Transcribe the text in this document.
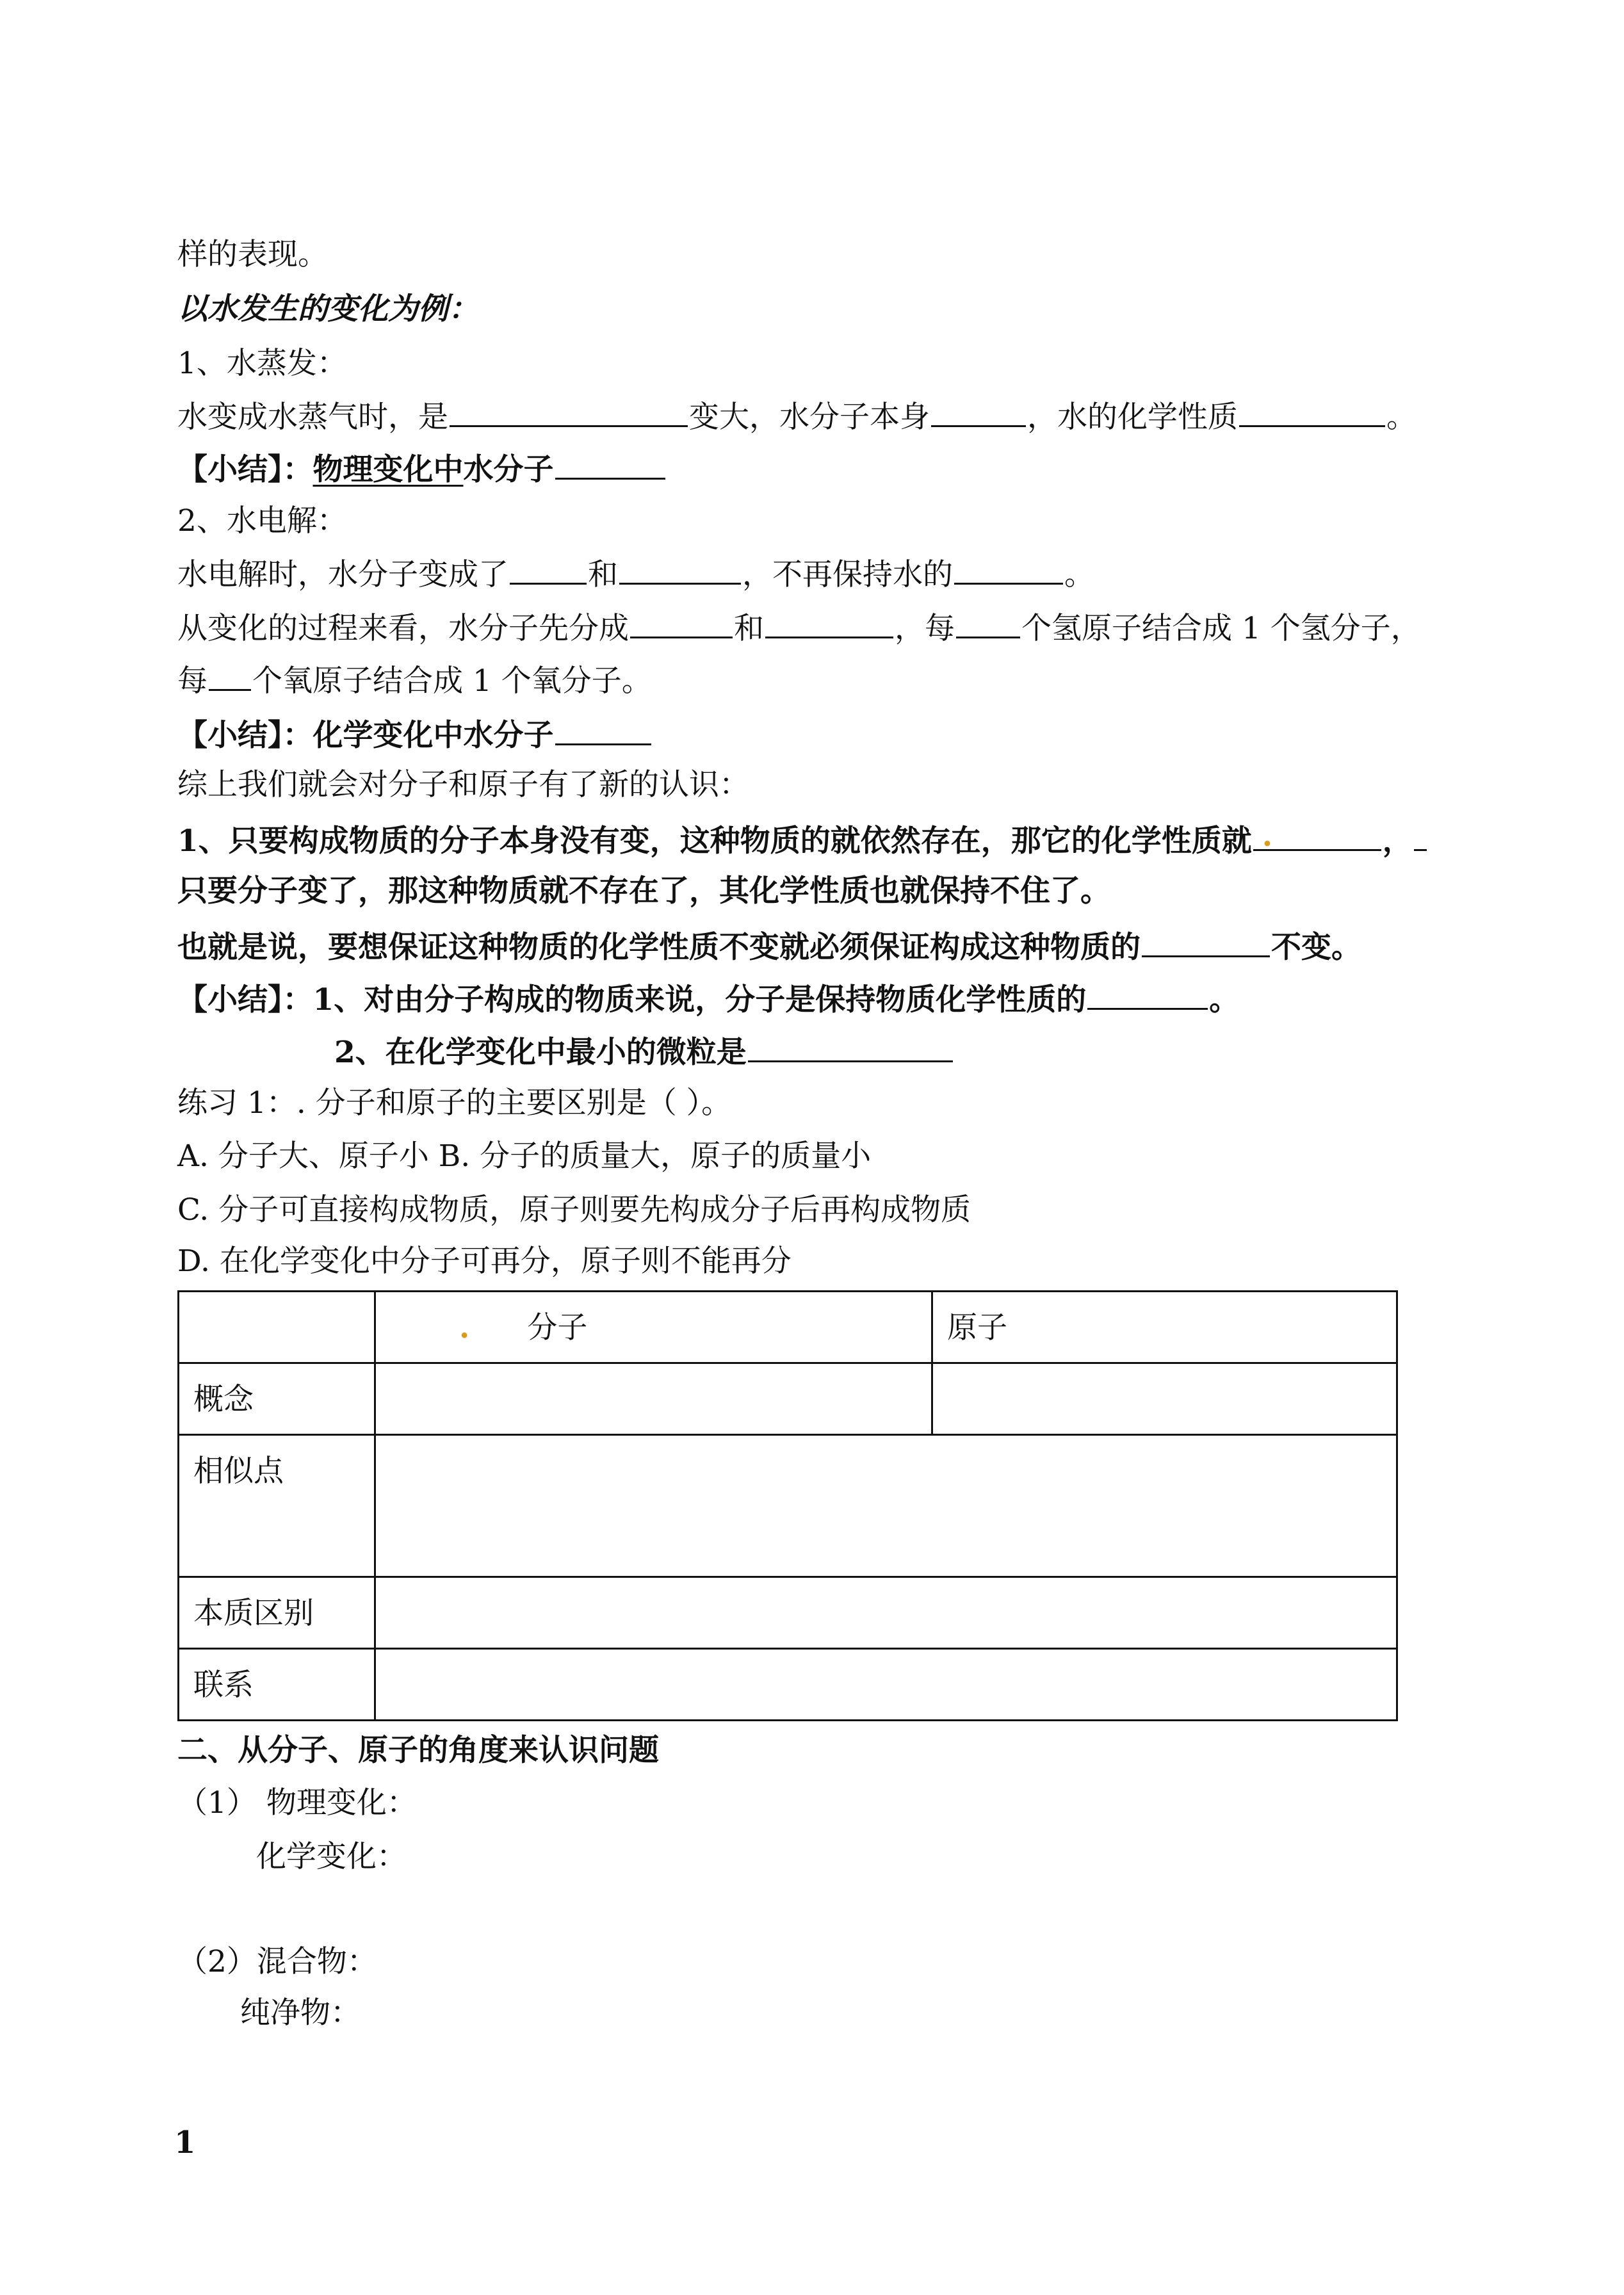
样的表现。
以水发生的变化为例：
1、水蒸发：
水变成水蒸气时，是	变大，水分子本身	，水的化学性质	。
【小结】：物理变化中水分子
2、水电解：
水电解时，水分子变成了	和	，不再保持水的	。
从变化的过程来看，水分子先分成	和	，每 个氢原子结合成 1 个氢分子，
每 个氧原子结合成 1 个氧分子。
【小结】：化学变化中水分子
综上我们就会对分子和原子有了新的认识：
1、只要构成物质的分子本身没有变，这种物质的就依然存在，那它的化学性质就 .	，
只要分子变了，那这种物质就不存在了，其化学性质也就保持不住了。
也就是说，要想保证这种物质的化学性质不变就必须保证构成这种物质的	不变。
【小结】：1、对由分子构成的物质来说，分子是保持物质化学性质的	。
2、在化学变化中最小的微粒是
练习 1：. 分子和原子的主要区别是（ ）。
A. 分子大、原子小 B. 分子的质量大，原子的质量小
C. 分子可直接构成物质，原子则要先构成分子后再构成物质
D. 在化学变化中分子可再分，原子则不能再分
	. 分子	原子
概念		
相似点		
本质区别		
联系		
二、从分子、原子的角度来认识问题
（1） 物理变化：
化学变化：
（2）混合物：
纯净物：
1
